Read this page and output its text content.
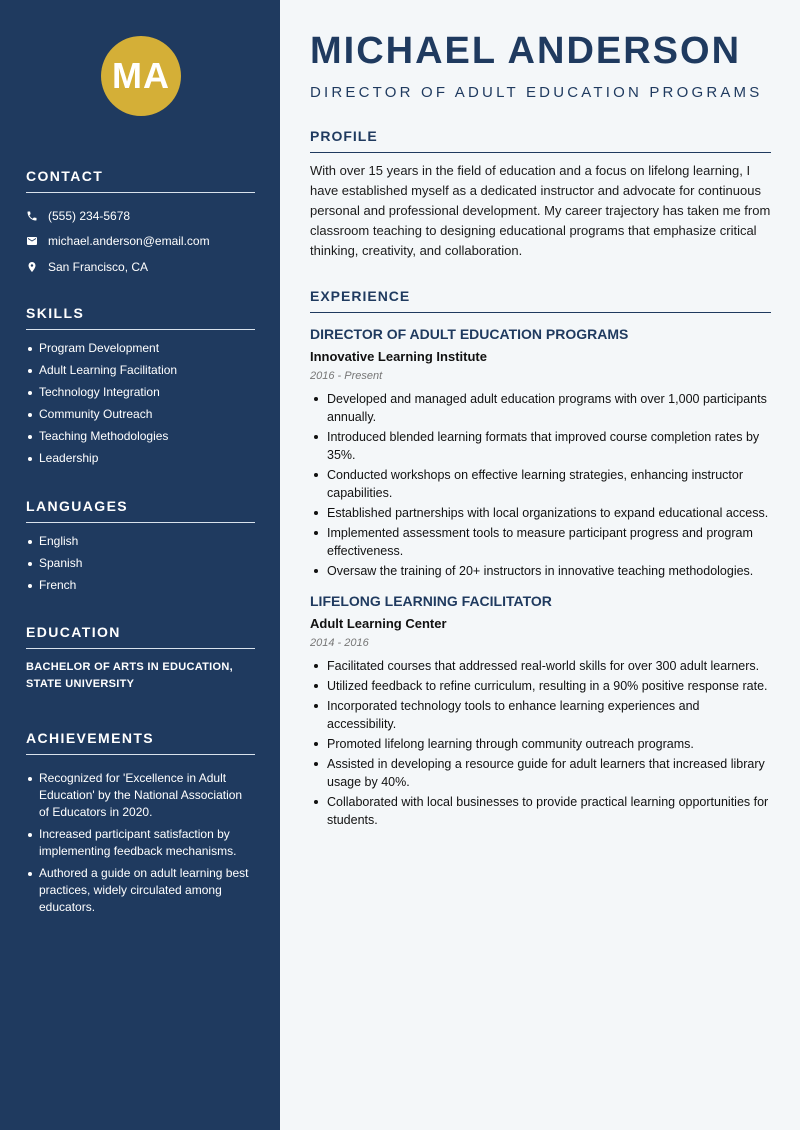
MA
CONTACT
(555) 234-5678
michael.anderson@email.com
San Francisco, CA
SKILLS
Program Development
Adult Learning Facilitation
Technology Integration
Community Outreach
Teaching Methodologies
Leadership
LANGUAGES
English
Spanish
French
EDUCATION
BACHELOR OF ARTS IN EDUCATION, STATE UNIVERSITY
ACHIEVEMENTS
Recognized for 'Excellence in Adult Education' by the National Association of Educators in 2020.
Increased participant satisfaction by implementing feedback mechanisms.
Authored a guide on adult learning best practices, widely circulated among educators.
MICHAEL ANDERSON
DIRECTOR OF ADULT EDUCATION PROGRAMS
PROFILE

With over 15 years in the field of education and a focus on lifelong learning, I have established myself as a dedicated instructor and advocate for continuous personal and professional development. My career trajectory has taken me from classroom teaching to designing educational programs that emphasize critical thinking, creativity, and collaboration.

EXPERIENCE
DIRECTOR OF ADULT EDUCATION PROGRAMS
Innovative Learning Institute
2016 - Present
Developed and managed adult education programs with over 1,000 participants annually.
Introduced blended learning formats that improved course completion rates by 35%.
Conducted workshops on effective learning strategies, enhancing instructor capabilities.
Established partnerships with local organizations to expand educational access.
Implemented assessment tools to measure participant progress and program effectiveness.
Oversaw the training of 20+ instructors in innovative teaching methodologies.
LIFELONG LEARNING FACILITATOR
Adult Learning Center
2014 - 2016
Facilitated courses that addressed real-world skills for over 300 adult learners.
Utilized feedback to refine curriculum, resulting in a 90% positive response rate.
Incorporated technology tools to enhance learning experiences and accessibility.
Promoted lifelong learning through community outreach programs.
Assisted in developing a resource guide for adult learners that increased library usage by 40%.
Collaborated with local businesses to provide practical learning opportunities for students.
